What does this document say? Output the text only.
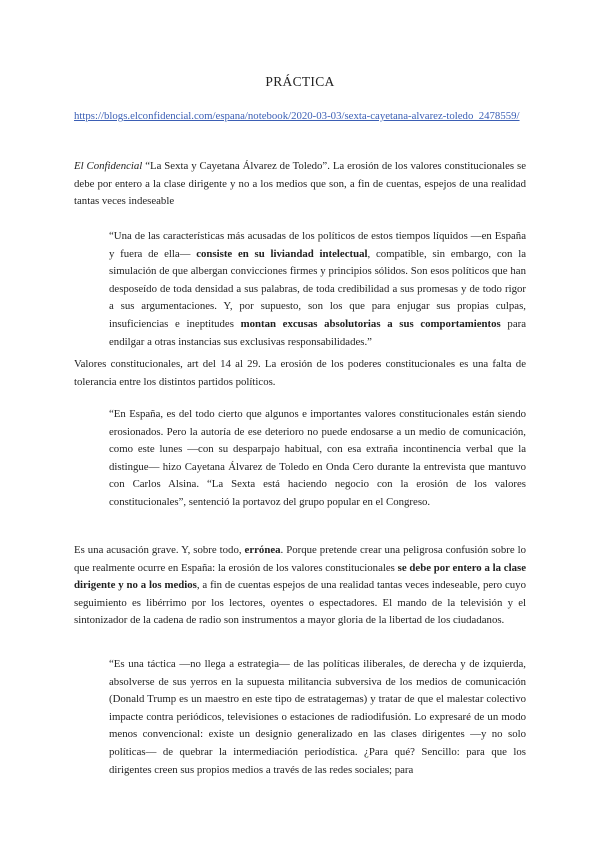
PRÁCTICA
https://blogs.elconfidencial.com/espana/notebook/2020-03-03/sexta-cayetana-alvarez-toledo_2478559/
El Confidencial “La Sexta y Cayetana Álvarez de Toledo”. La erosión de los valores constitucionales se debe por entero a la clase dirigente y no a los medios que son, a fin de cuentas, espejos de una realidad tantas veces indeseable
“Una de las características más acusadas de los políticos de estos tiempos líquidos —en España y fuera de ella— consiste en su liviandad intelectual, compatible, sin embargo, con la simulación de que albergan convicciones firmes y principios sólidos. Son esos políticos que han desposeído de toda densidad a sus palabras, de toda credibilidad a sus promesas y de todo rigor a sus argumentaciones. Y, por supuesto, son los que para enjugar sus propias culpas, insuficiencias e ineptitudes montan excusas absolutorias a sus comportamientos para endilgar a otras instancias sus exclusivas responsabilidades.”
Valores constitucionales, art del 14 al 29. La erosión de los poderes constitucionales es una falta de tolerancia entre los distintos partidos políticos.
“En España, es del todo cierto que algunos e importantes valores constitucionales están siendo erosionados. Pero la autoría de ese deterioro no puede endosarse a un medio de comunicación, como este lunes —con su desparpajo habitual, con esa extraña incontinencia verbal que la distingue— hizo Cayetana Álvarez de Toledo en Onda Cero durante la entrevista que mantuvo con Carlos Alsina. “La Sexta está haciendo negocio con la erosión de los valores constitucionales”, sentenció la portavoz del grupo popular en el Congreso.
Es una acusación grave. Y, sobre todo, errónea. Porque pretende crear una peligrosa confusión sobre lo que realmente ocurre en España: la erosión de los valores constitucionales se debe por entero a la clase dirigente y no a los medios, a fin de cuentas espejos de una realidad tantas veces indeseable, pero cuyo seguimiento es libérrimo por los lectores, oyentes o espectadores. El mando de la televisión y el sintonizador de la cadena de radio son instrumentos a mayor gloria de la libertad de los ciudadanos.
“Es una táctica —no llega a estrategia— de las políticas iliberales, de derecha y de izquierda, absolverse de sus yerros en la supuesta militancia subversiva de los medios de comunicación (Donald Trump es un maestro en este tipo de estratagemas) y tratar de que el malestar colectivo impacte contra periódicos, televisiones o estaciones de radiodifusión. Lo expresaré de un modo menos convencional: existe un designio generalizado en las clases dirigentes —y no solo políticas— de quebrar la intermediación periodística. ¿Para qué? Sencillo: para que los dirigentes creen sus propios medios a través de las redes sociales; para
